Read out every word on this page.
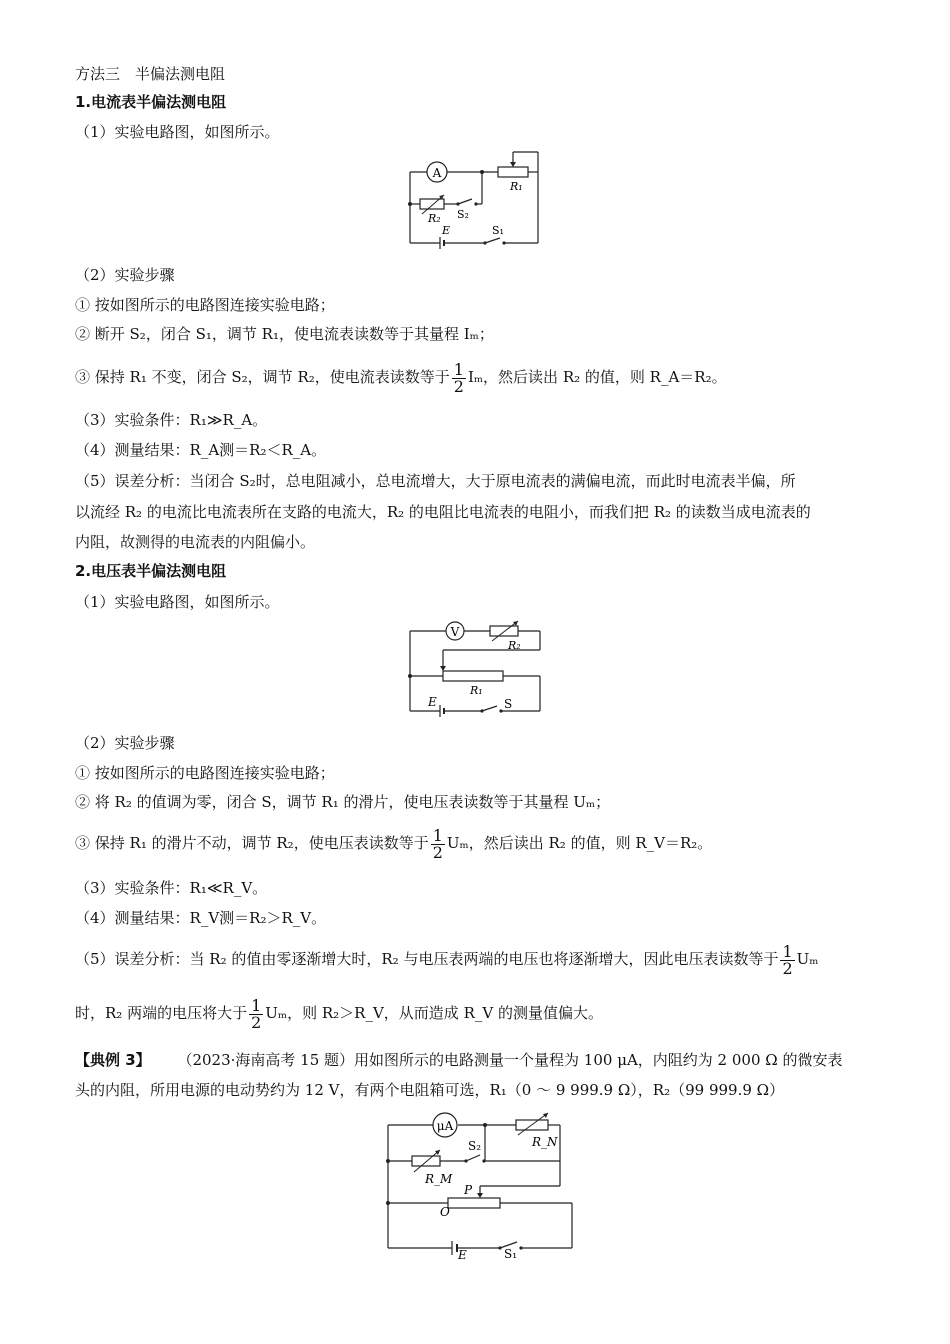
方法三　半偏法测电阻
1.电流表半偏法测电阻
（1）实验电路图，如图所示。
A
R₁
R₂ S₂
E	S₁
（2）实验步骤
① 按如图所示的电路图连接实验电路；
② 断开 S₂，闭合 S₁，调节 R₁，使电流表读数等于其量程 Iₘ；
③ 保持 R₁ 不变，闭合 S₂，调节 R₂，使电流表读数等于 $\frac{1}{2}$ Iₘ，然后读出 R₂ 的值，则 R_A＝R₂。
（3）实验条件：R₁≫R_A。
（4）测量结果：R_A测＝R₂＜R_A。
（5）误差分析：当闭合 S₂时，总电阻减小，总电流增大，大于原电流表的满偏电流，而此时电流表半偏，所
以流经 R₂ 的电流比电流表所在支路的电流大，R₂ 的电阻比电流表的电阻小，而我们把 R₂ 的读数当成电流表的
内阻，故测得的电流表的内阻偏小。
2.电压表半偏法测电阻
（1）实验电路图，如图所示。
V
R₂
R₁
E	S
（2）实验步骤
① 按如图所示的电路图连接实验电路；
② 将 R₂ 的值调为零，闭合 S，调节 R₁ 的滑片，使电压表读数等于其量程 Uₘ；
③ 保持 R₁ 的滑片不动，调节 R₂，使电压表读数等于 $\frac{1}{2}$ Uₘ，然后读出 R₂ 的值，则 R_V＝R₂。
（3）实验条件：R₁≪R_V。
（4）测量结果：R_V测＝R₂＞R_V。
（5）误差分析：当 R₂ 的值由零逐渐增大时，R₂ 与电压表两端的电压也将逐渐增大，因此电压表读数等于 $\frac{1}{2}$ Uₘ
时，R₂ 两端的电压将大于 $\frac{1}{2}$ Uₘ，则 R₂＞R_V，从而造成 R_V 的测量值偏大。
【典例 3】 （2023·海南高考 15 题）用如图所示的电路测量一个量程为 100 μA，内阻约为 2 000 Ω 的微安表
头的内阻，所用电源的电动势约为 12 V，有两个电阻箱可选，R₁（0 ～ 9 999.9 Ω），R₂（99 999.9 Ω）
μA
R_N
S₂
R_M
P
O
E	S₁
